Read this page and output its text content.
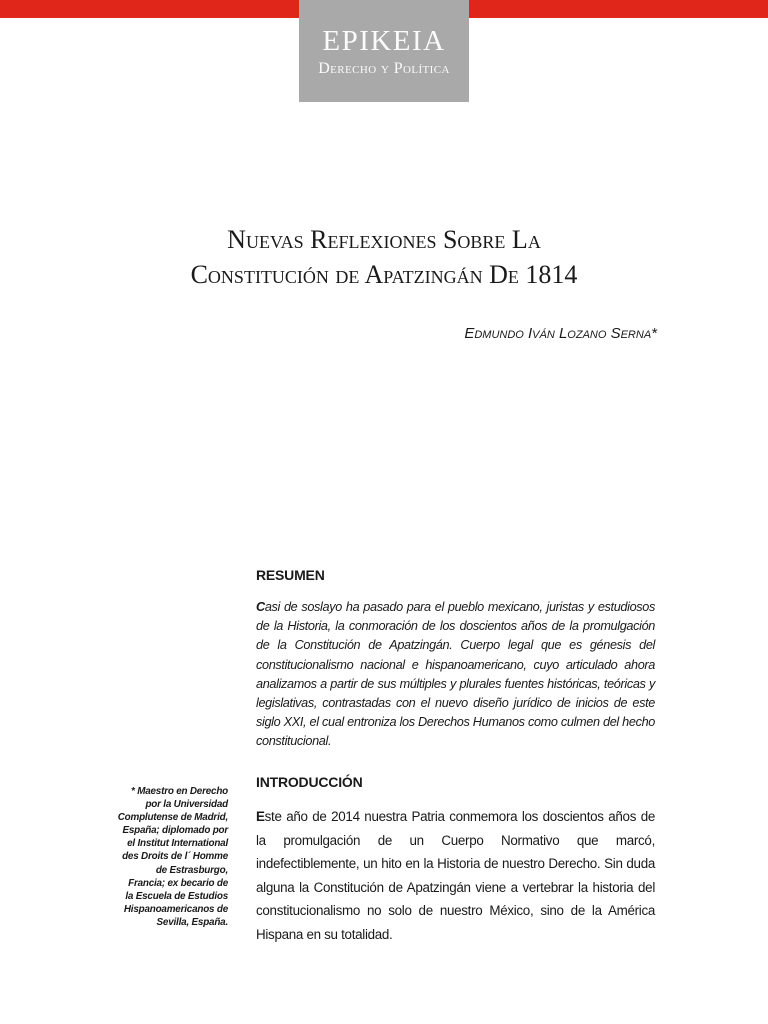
EPIKEIA
Derecho y Política
Nuevas Reflexiones Sobre La
Constitución de Apatzingán De 1814
Edmundo Iván Lozano Serna*
RESUMEN

Casi de soslayo ha pasado para el pueblo mexicano, juristas y estudiosos de la Historia, la conmoración de los doscientos años de la promulgación de la Constitución de Apatzingán. Cuerpo legal que es génesis del constitucionalismo nacional e hispanoamericano, cuyo articulado ahora analizamos a partir de sus múltiples y plurales fuentes históricas, teóricas y legislativas, contrastadas con el nuevo diseño jurídico de inicios de este siglo XXI, el cual entroniza los Derechos Humanos como culmen del hecho constitucional.

INTRODUCCIÓN

Este año de 2014 nuestra Patria conmemora los doscientos años de la promulgación de un Cuerpo Normativo que marcó, indefectiblemente, un hito en la Historia de nuestro Derecho. Sin duda alguna la Constitución de Apatzingán viene a vertebrar la historia del constitucionalismo no solo de nuestro México, sino de la América Hispana en su totalidad.

* Maestro en Derecho
por la Universidad
Complutense de Madrid,
España; diplomado por
el Institut International
des Droits de l´ Homme
de Estrasburgo,
Francia; ex becario de
la Escuela de Estudios
Hispanoamericanos de
Sevilla, España.
